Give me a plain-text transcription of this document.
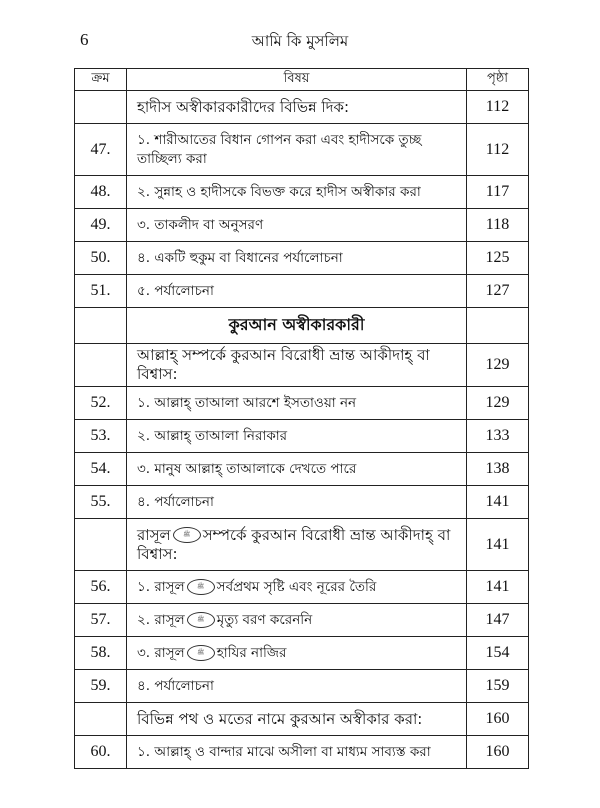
6	আমি কি মুসলিম
ক্রম	বিষয়	পৃষ্ঠা
	হাদীস অস্বীকারকারীদের বিভিন্ন দিক:	112
47.	১. শারীআতের বিধান গোপন করা এবং হাদীসকে তুচ্ছ তাচ্ছিল্য করা	112
48.	২. সুন্নাহ ও হাদীসকে বিভক্ত করে হাদীস অস্বীকার করা	117
49.	৩. তাকলীদ বা অনুসরণ	118
50.	৪. একটি হুকুম বা বিধানের পর্যালোচনা	125
51.	৫. পর্যালোচনা	127
	কুরআন অস্বীকারকারী	
	আল্লাহ্‌ সম্পর্কে কুরআন বিরোধী ভ্রান্ত আকীদাহ্‌ বা বিশ্বাস:	129
52.	১. আল্লাহ্‌ তাআলা আরশে ইসতাওয়া নন	129
53.	২. আল্লাহ্‌ তাআলা নিরাকার	133
54.	৩. মানুষ আল্লাহ্‌ তাআলাকে দেখতে পারে	138
55.	৪. পর্যালোচনা	141
	রাসূল ﷺ সম্পর্কে কুরআন বিরোধী ভ্রান্ত আকীদাহ্‌ বা বিশ্বাস:	141
56.	১. রাসূল ﷺ সর্বপ্রথম সৃষ্টি এবং নূরের তৈরি	141
57.	২. রাসূল ﷺ মৃত্যু বরণ করেননি	147
58.	৩. রাসূল ﷺ হাযির নাজির	154
59.	৪. পর্যালোচনা	159
	বিভিন্ন পথ ও মতের নামে কুরআন অস্বীকার করা:	160
60.	১. আল্লাহ্‌ ও বান্দার মাঝে অসীলা বা মাধ্যম সাব্যস্ত করা	160
